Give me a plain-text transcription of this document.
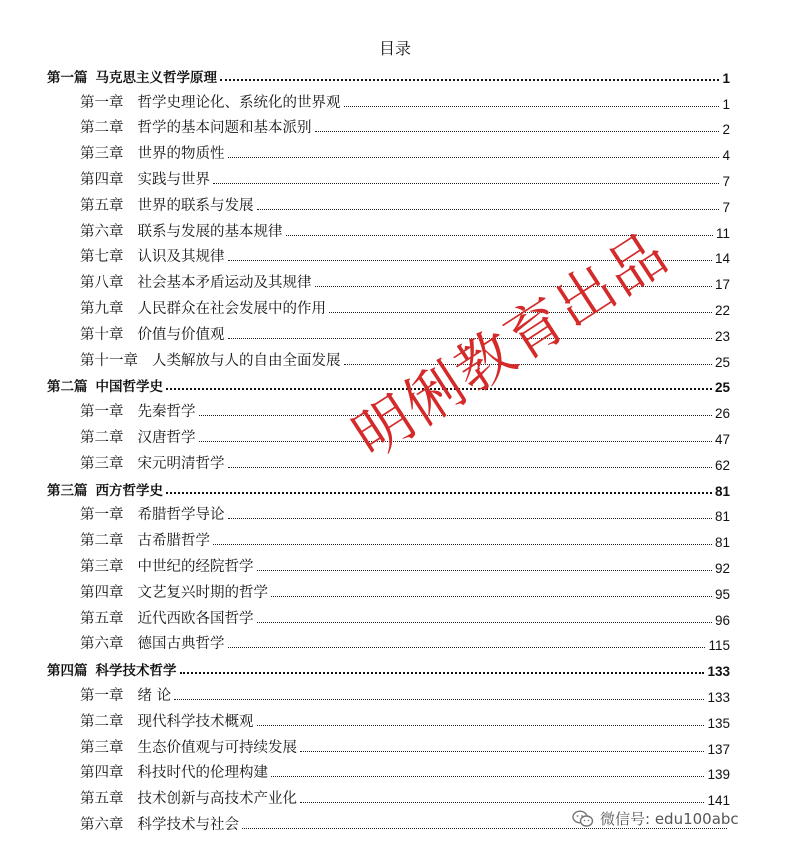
目录
第一篇 马克思主义哲学原理	1
第一章 哲学史理论化、系统化的世界观	1
第二章 哲学的基本问题和基本派别	2
第三章 世界的物质性	4
第四章 实践与世界	7
第五章 世界的联系与发展	7
第六章 联系与发展的基本规律	11
第七章 认识及其规律	14
第八章 社会基本矛盾运动及其规律	17
第九章 人民群众在社会发展中的作用	22
第十章 价值与价值观	23
第十一章 人类解放与人的自由全面发展	25
第二篇 中国哲学史	25
第一章 先秦哲学	26
第二章 汉唐哲学	47
第三章 宋元明清哲学	62
第三篇 西方哲学史	81
第一章 希腊哲学导论	81
第二章 古希腊哲学	81
第三章 中世纪的经院哲学	92
第四章 文艺复兴时期的哲学	95
第五章 近代西欧各国哲学	96
第六章 德国古典哲学	115
第四篇 科学技术哲学	133
第一章 绪 论	133
第二章 现代科学技术概观	135
第三章 生态价值观与可持续发展	137
第四章 科技时代的伦理构建	139
第五章 技术创新与高技术产业化	141
第六章 科学技术与社会
明俐教育出品
微信号: edu100abc
